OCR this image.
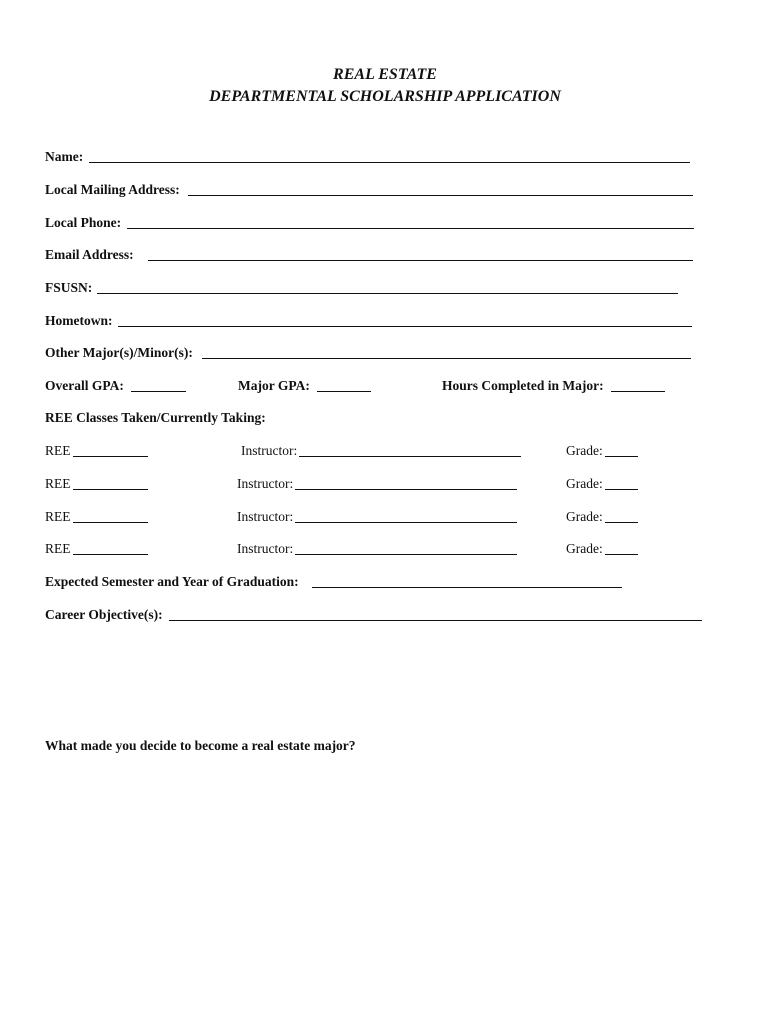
REAL ESTATE
DEPARTMENTAL SCHOLARSHIP APPLICATION
Name:
Local Mailing Address:
Local Phone:
Email Address:
FSUSN:
Hometown:
Other Major(s)/Minor(s):
Overall GPA:	Major GPA:	Hours Completed in Major:
REE Classes Taken/Currently Taking:
REE	Instructor:	Grade:
REE	Instructor:	Grade:
REE	Instructor:	Grade:
REE	Instructor:	Grade:
Expected Semester and Year of Graduation:
Career Objective(s):
What made you decide to become a real estate major?
